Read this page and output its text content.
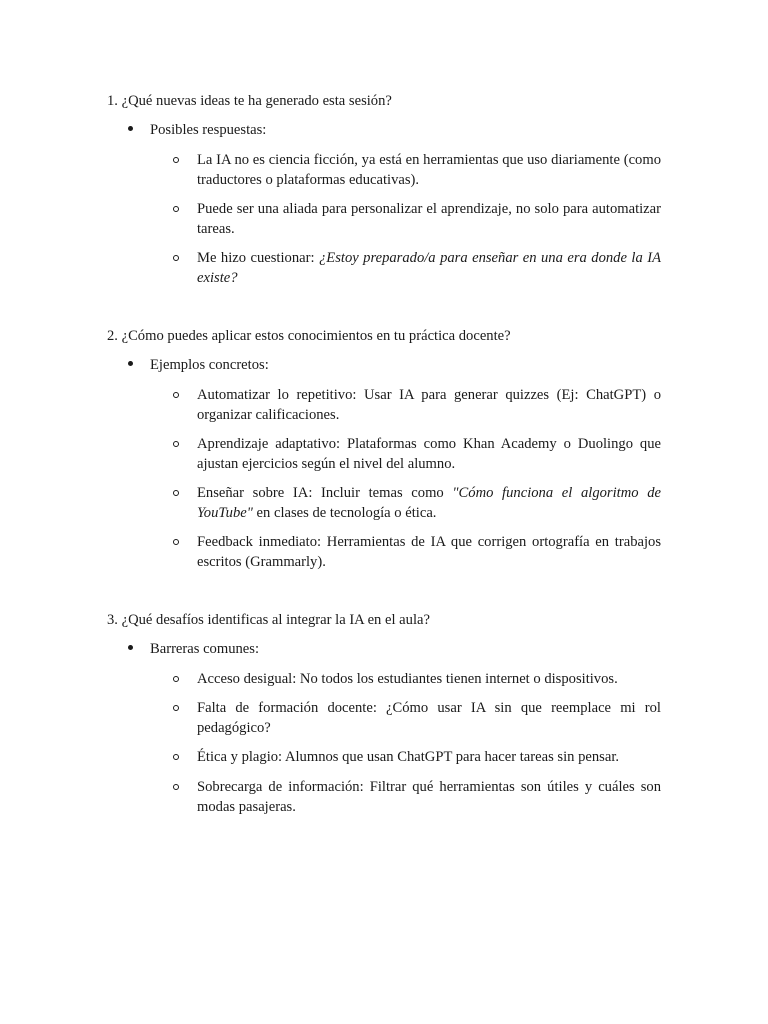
1. ¿Qué nuevas ideas te ha generado esta sesión?
Posibles respuestas:
La IA no es ciencia ficción, ya está en herramientas que uso diariamente (como traductores o plataformas educativas).
Puede ser una aliada para personalizar el aprendizaje, no solo para automatizar tareas.
Me hizo cuestionar: ¿Estoy preparado/a para enseñar en una era donde la IA existe?
2. ¿Cómo puedes aplicar estos conocimientos en tu práctica docente?
Ejemplos concretos:
Automatizar lo repetitivo: Usar IA para generar quizzes (Ej: ChatGPT) o organizar calificaciones.
Aprendizaje adaptativo: Plataformas como Khan Academy o Duolingo que ajustan ejercicios según el nivel del alumno.
Enseñar sobre IA: Incluir temas como "Cómo funciona el algoritmo de YouTube" en clases de tecnología o ética.
Feedback inmediato: Herramientas de IA que corrigen ortografía en trabajos escritos (Grammarly).
3. ¿Qué desafíos identificas al integrar la IA en el aula?
Barreras comunes:
Acceso desigual: No todos los estudiantes tienen internet o dispositivos.
Falta de formación docente: ¿Cómo usar IA sin que reemplace mi rol pedagógico?
Ética y plagio: Alumnos que usan ChatGPT para hacer tareas sin pensar.
Sobrecarga de información: Filtrar qué herramientas son útiles y cuáles son modas pasajeras.
